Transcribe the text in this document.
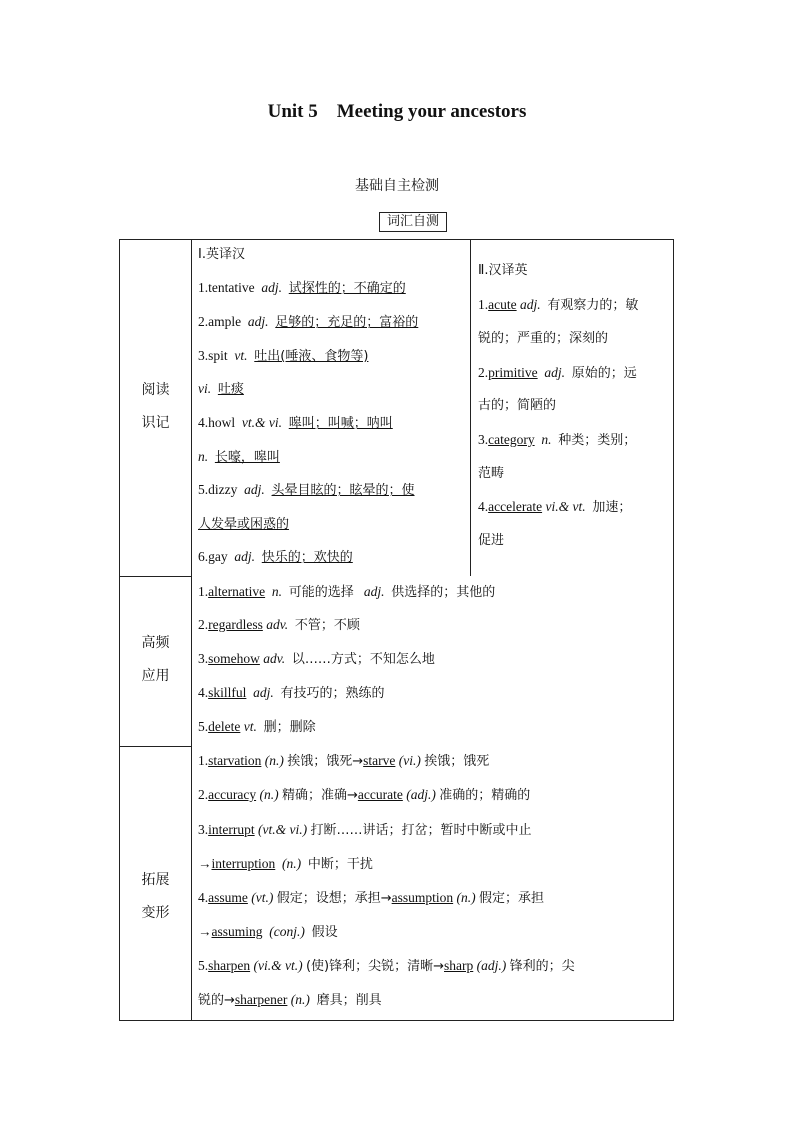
Unit 5　Meeting your ancestors
基础自主检测
词汇自测
阅读
识记
高频
应用
拓展
变形
Ⅰ.英译汉
1.tentative adj. 试探性的；不确定的
2.ample adj. 足够的；充足的；富裕的
3.spit vt. 吐出(唾液、食物等)
vi. 吐痰
4.howl vt.& vi. 嗥叫；叫喊；呐叫
n. 长嚎，嗥叫
5.dizzy adj. 头晕目眩的；眩晕的；使
人发晕或困惑的
6.gay adj. 快乐的；欢快的
Ⅱ.汉译英
1.acute adj. 有观察力的；敏
锐的；严重的；深刻的
2.primitive adj. 原始的；远
古的；简陋的
3.category n. 种类；类别；
范畴
4.accelerate vi.& vt. 加速；
促进
1.alternative n. 可能的选择 adj. 供选择的；其他的
2.regardless adv. 不管；不顾
3.somehow adv. 以……方式；不知怎么地
4.skillful adj. 有技巧的；熟练的
5.delete vt. 删；删除
1.starvation (n.) 挨饿；饿死→starve (vi.) 挨饿；饿死
2.accuracy (n.) 精确；准确→accurate (adj.) 准确的；精确的
3.interrupt (vt.& vi.) 打断……讲话；打岔；暂时中断或中止
→interruption (n.) 中断；干扰
4.assume (vt.) 假定；设想；承担→assumption (n.) 假定；承担
→assuming (conj.) 假设
5.sharpen (vi.& vt.) (使)锋利；尖锐；清晰→sharp (adj.) 锋利的；尖
锐的→sharpener (n.) 磨具；削具
